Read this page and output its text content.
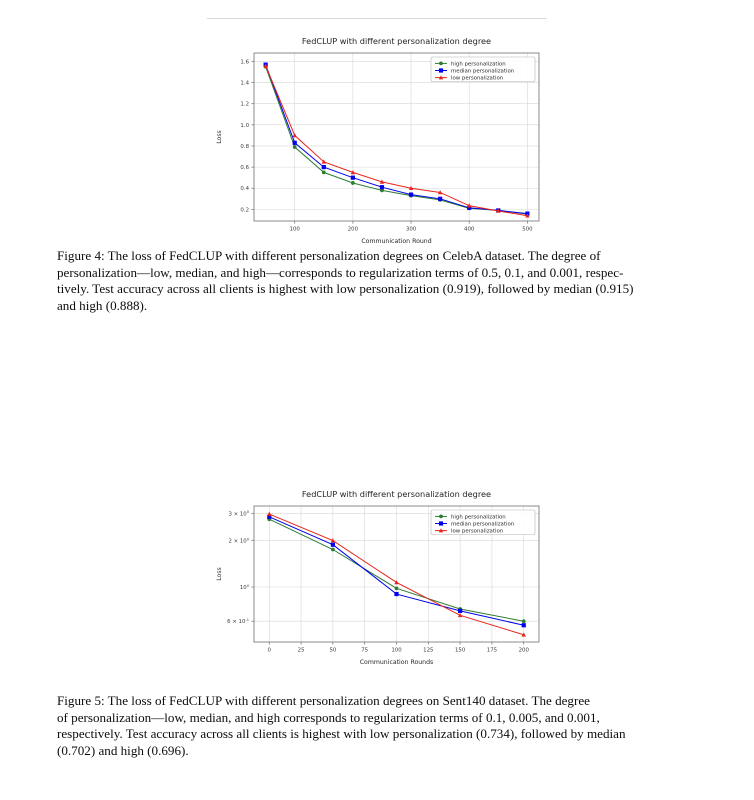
FedCLUP with different personalization degree
100	200	300	400	500
Communication Round
0.2
0.4
0.6
0.8
1.0
1.2
1.4
1.6
Loss
high personalization
median personalization
low personalization
Figure 4: The loss of FedCLUP with different personalization degrees on CelebA dataset. The degree of
personalization—low, median, and high—corresponds to regularization terms of 0.5, 0.1, and 0.001, respec-
tively. Test accuracy across all clients is highest with low personalization (0.919), followed by median (0.915)
and high (0.888).
FedCLUP with different personalization degree
0	25	50	75	100	125	150	175	200
Communication Rounds
$6 \times 10^{-1}$
$10^0$
$2 \times 10^0$
$3 \times 10^0$
Loss
high personalization
median personalization
low personalization
Figure 5: The loss of FedCLUP with different personalization degrees on Sent140 dataset. The degree
of personalization—low, median, and high corresponds to regularization terms of 0.1, 0.005, and 0.001,
respectively. Test accuracy across all clients is highest with low personalization (0.734), followed by median
(0.702) and high (0.696).
